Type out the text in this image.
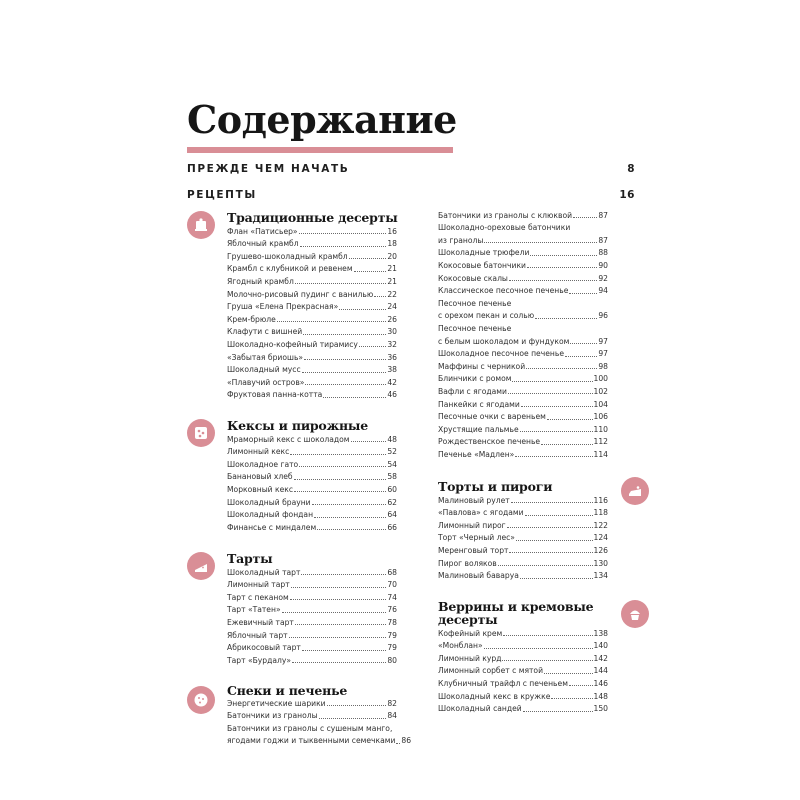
Содержание
ПРЕЖДЕ ЧЕМ НАЧАТЬ	8
РЕЦЕПТЫ	16
Традиционные десерты
Флан «Патисьер»	16
Яблочный крамбл	18
Грушево-шоколадный крамбл	20
Крамбл с клубникой и ревенем	21
Ягодный крамбл	21
Молочно-рисовый пудинг с ванилью 22
Груша «Елена Прекрасная»	24
Крем-брюле	26
Клафути с вишней	30
Шоколадно-кофейный тирамису	32
«Забытая бриошь»	36
Шоколадный мусс	38
«Плавучий остров»	42
Фруктовая панна-котта	46
Кексы и пирожные
Мраморный кекс с шоколадом	48
Лимонный кекс	52
Шоколадное гато	54
Банановый хлеб	58
Морковный кекс	60
Шоколадный брауни	62
Шоколадный фондан	64
Финансье с миндалем	66
Тарты
Шоколадный тарт	68
Лимонный тарт	70
Тарт с пеканом	74
Тарт «Татен»	76
Ежевичный тарт	78
Яблочный тарт	79
Абрикосовый тарт	79
Тарт «Бурдалу»	80
Снеки и печенье
Энергетические шарики	82
Батончики из гранолы	84
Батончики из гранолы с сушеным манго,
ягодами годжи и тыквенными семечками 86
Батончики из гранолы с клюквой	87
Шоколадно-ореховые батончики
из гранолы	87
Шоколадные трюфели	88
Кокосовые батончики	90
Кокосовые скалы	92
Классическое песочное печенье	94
Песочное печенье
с орехом пекан и солью	96
Песочное печенье
с белым шоколадом и фундуком	97
Шоколадное песочное печенье	97
Маффины с черникой	98
Блинчики с ромом	100
Вафли с ягодами	102
Панкейки с ягодами	104
Песочные очки с вареньем	106
Хрустящие пальмье	110
Рождественское печенье	112
Печенье «Мадлен»	114
Торты и пироги
Малиновый рулет	116
«Павлова» с ягодами	118
Лимонный пирог	122
Торт «Черный лес»	124
Меренговый торт	126
Пирог воляков	130
Малиновый баваруа	134
Веррины и кремовые
десерты
Кофейный крем	138
«Монблан»	140
Лимонный курд	142
Лимонный сорбет с мятой	144
Клубничный трайфл с печеньем	146
Шоколадный кекс в кружке	148
Шоколадный сандей	150
